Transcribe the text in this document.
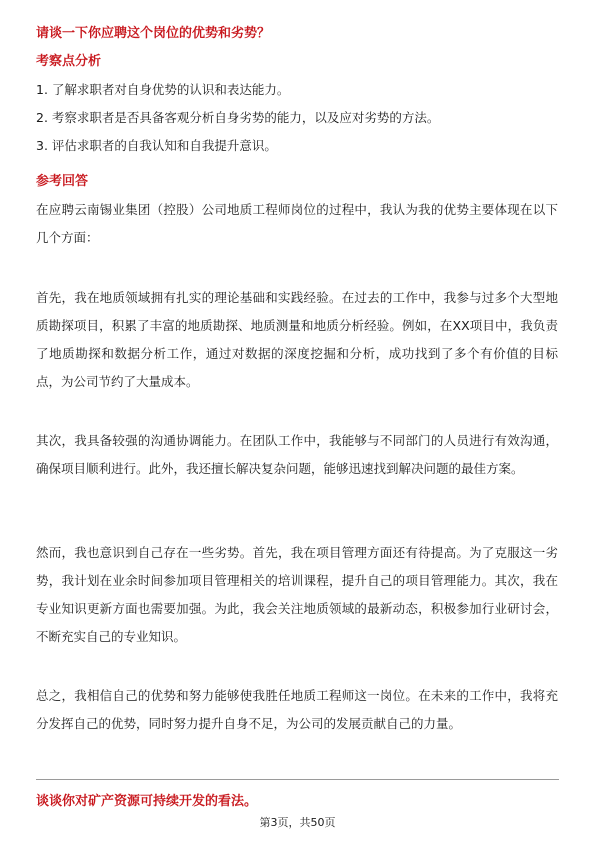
请谈一下你应聘这个岗位的优势和劣势？
考察点分析
1. 了解求职者对自身优势的认识和表达能力。
2. 考察求职者是否具备客观分析自身劣势的能力，以及应对劣势的方法。
3. 评估求职者的自我认知和自我提升意识。
参考回答

在应聘云南锡业集团（控股）公司地质工程师岗位的过程中，我认为我的优势主要体现在以下几个方面：

首先，我在地质领域拥有扎实的理论基础和实践经验。在过去的工作中，我参与过多个大型地质勘探项目，积累了丰富的地质勘探、地质测量和地质分析经验。例如，在XX项目中，我负责了地质勘探和数据分析工作，通过对数据的深度挖掘和分析，成功找到了多个有价值的目标点，为公司节约了大量成本。

其次，我具备较强的沟通协调能力。在团队工作中，我能够与不同部门的人员进行有效沟通，确保项目顺利进行。此外，我还擅长解决复杂问题，能够迅速找到解决问题的最佳方案。

然而，我也意识到自己存在一些劣势。首先，我在项目管理方面还有待提高。为了克服这一劣势，我计划在业余时间参加项目管理相关的培训课程，提升自己的项目管理能力。其次，我在专业知识更新方面也需要加强。为此，我会关注地质领域的最新动态，积极参加行业研讨会，不断充实自己的专业知识。

总之，我相信自己的优势和努力能够使我胜任地质工程师这一岗位。在未来的工作中，我将充分发挥自己的优势，同时努力提升自身不足，为公司的发展贡献自己的力量。

谈谈你对矿产资源可持续开发的看法。
第3页，共50页
